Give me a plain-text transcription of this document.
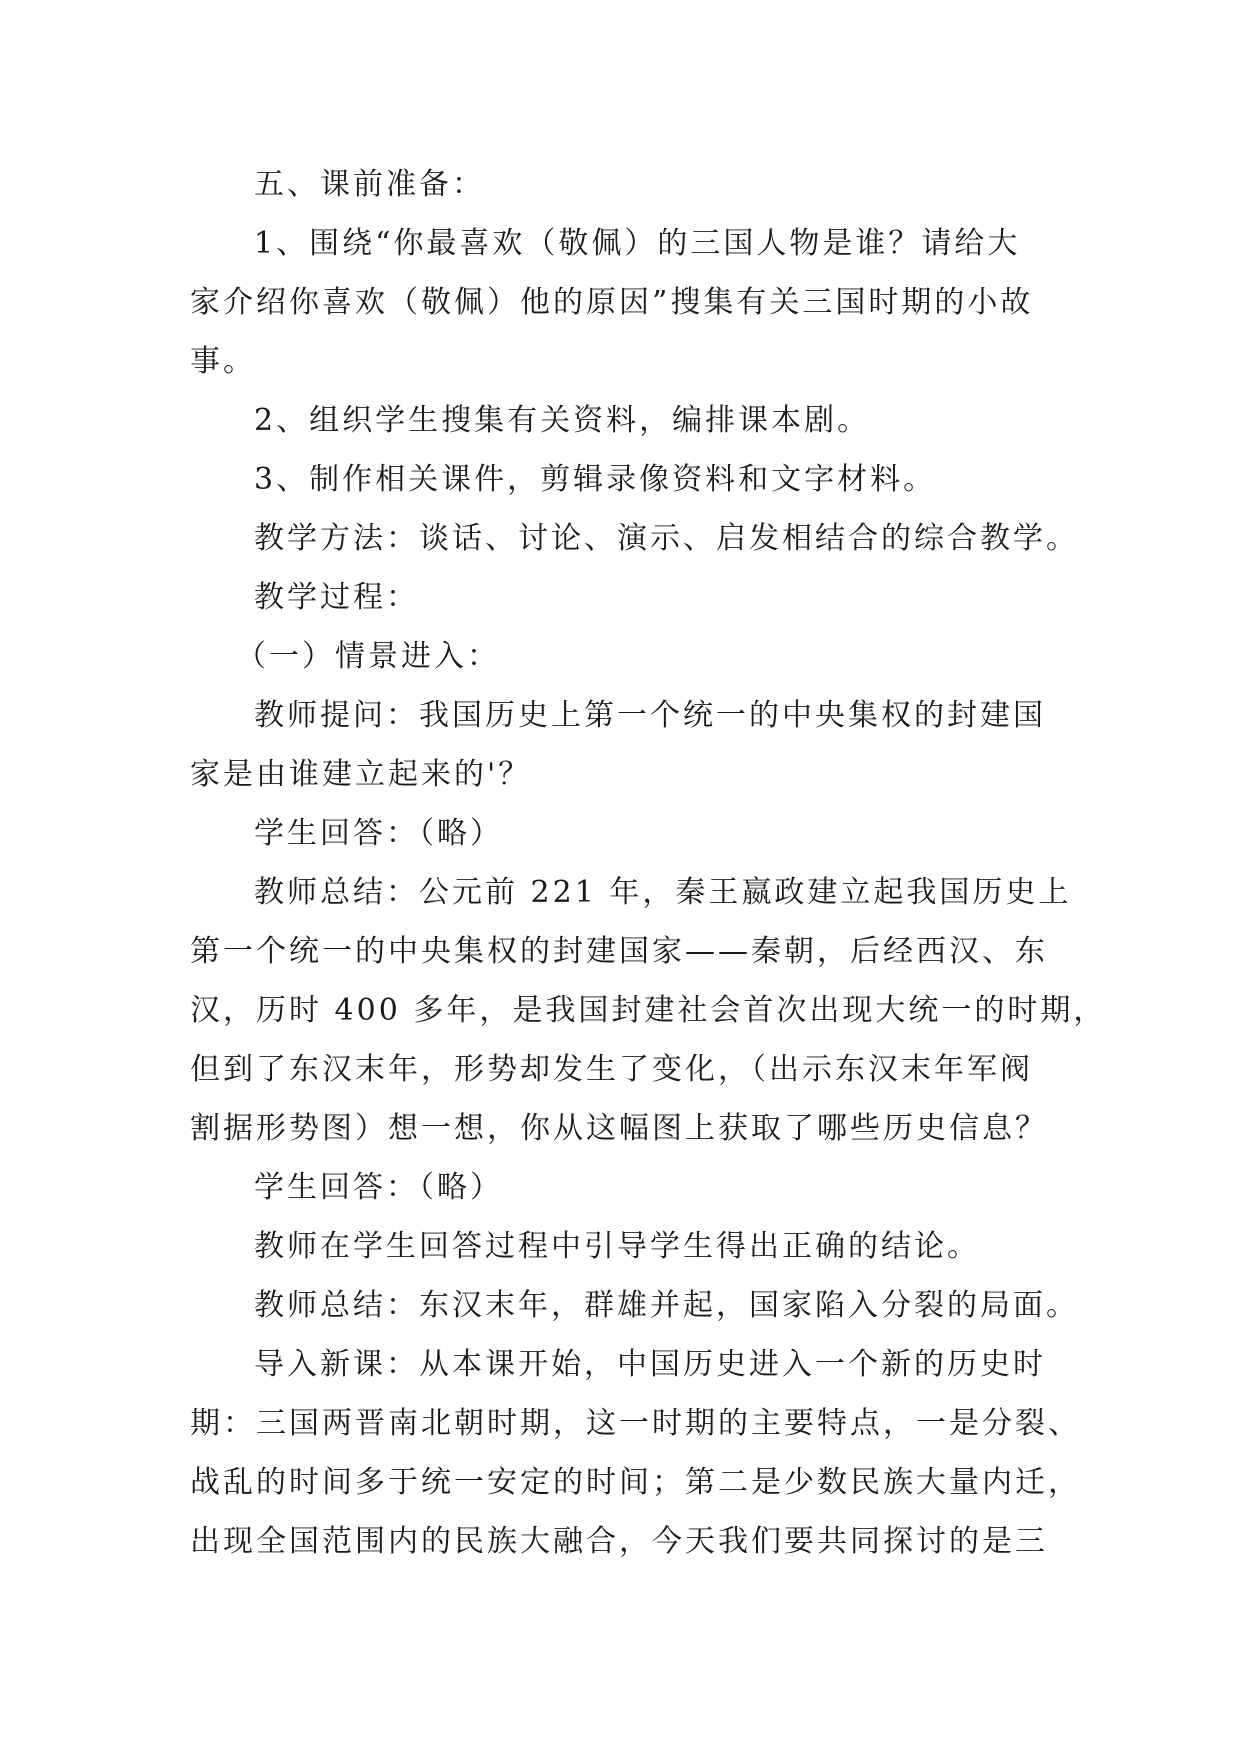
五、课前准备：
1、围绕“你最喜欢（敬佩）的三国人物是谁？请给大
家介绍你喜欢（敬佩）他的原因”搜集有关三国时期的小故
事。
2、组织学生搜集有关资料，编排课本剧。
3、制作相关课件，剪辑录像资料和文字材料。
教学方法：谈话、讨论、演示、启发相结合的综合教学。
教学过程：
（一）情景进入：
教师提问：我国历史上第一个统一的中央集权的封建国
家是由谁建立起来的'？
学生回答：（略）
教师总结：公元前 221 年，秦王嬴政建立起我国历史上
第一个统一的中央集权的封建国家——秦朝，后经西汉、东
汉，历时 400 多年，是我国封建社会首次出现大统一的时期，
但到了东汉末年，形势却发生了变化，（出示东汉末年军阀
割据形势图）想一想，你从这幅图上获取了哪些历史信息？
学生回答：（略）
教师在学生回答过程中引导学生得出正确的结论。
教师总结：东汉末年，群雄并起，国家陷入分裂的局面。
导入新课：从本课开始，中国历史进入一个新的历史时
期：三国两晋南北朝时期，这一时期的主要特点，一是分裂、
战乱的时间多于统一安定的时间；第二是少数民族大量内迁，
出现全国范围内的民族大融合，今天我们要共同探讨的是三
